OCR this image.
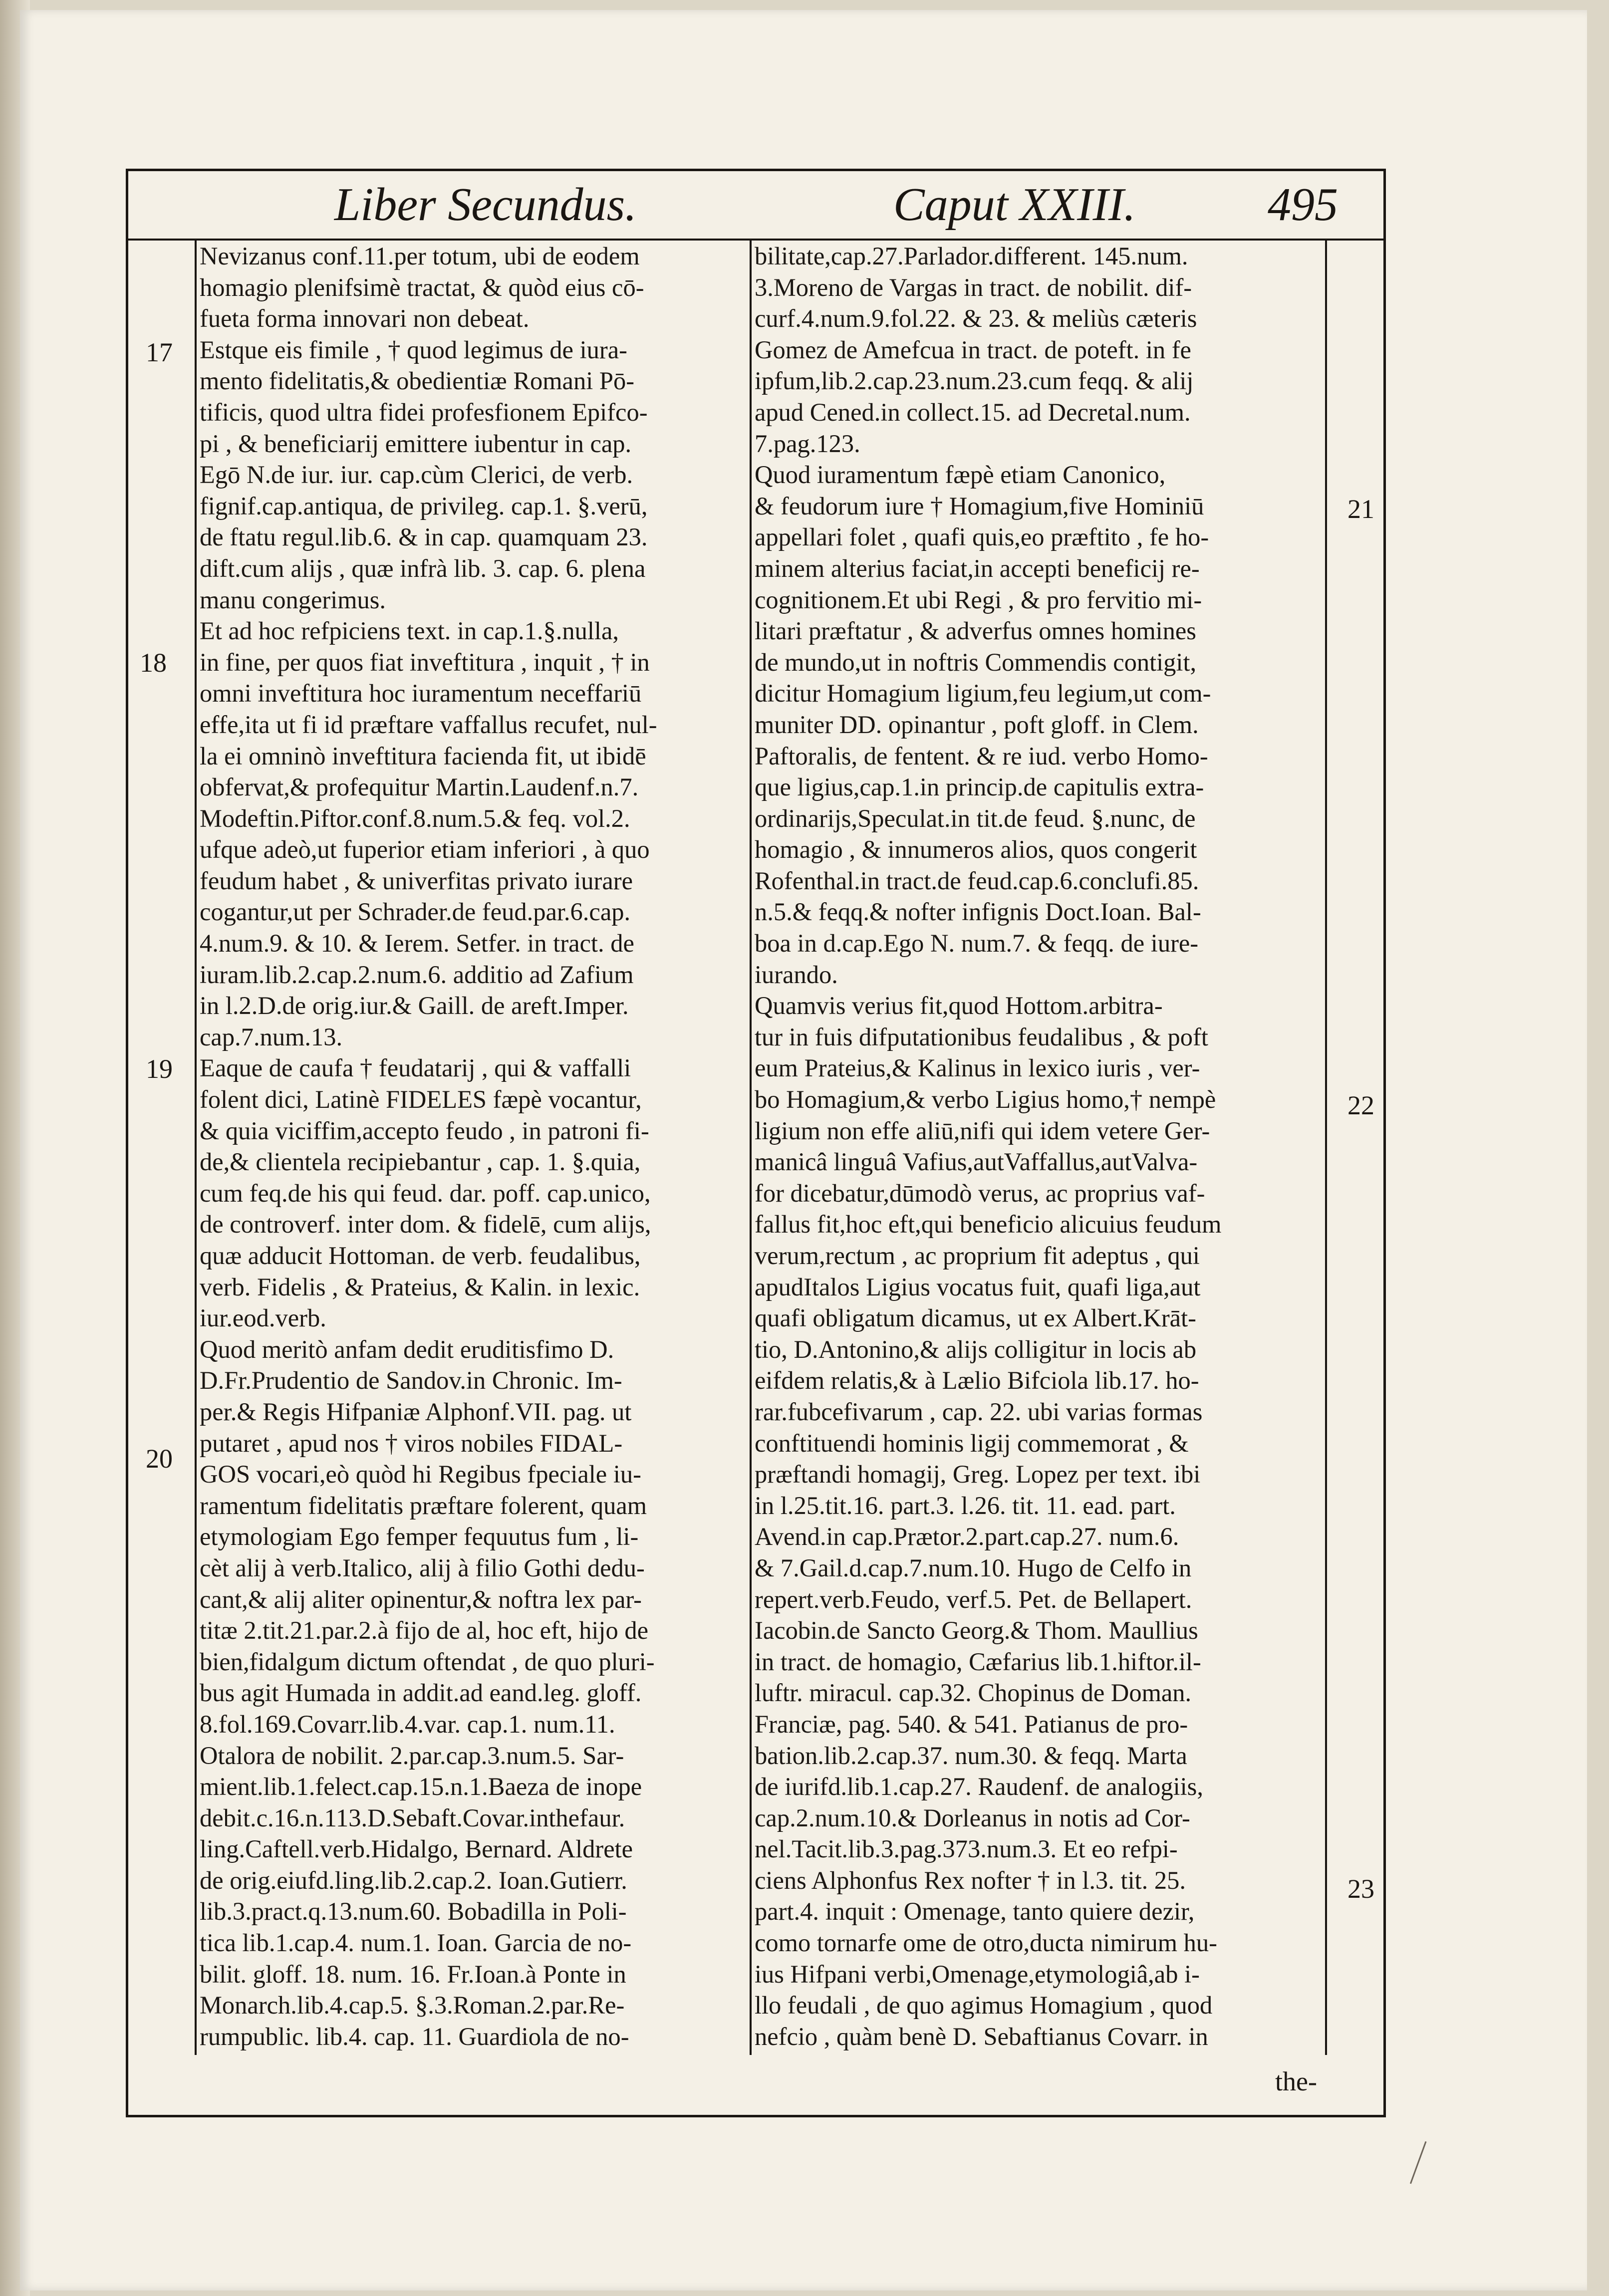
Liber Secundus.	Caput XXIII.	495
Nevizanus conf.11.per totum, ubi de eodem
homagio plenifsimè tractat, & quòd eius cō-
fueta forma innovari non debeat.
Estque eis fimile , † quod legimus de iura-
mento fidelitatis,& obedientiæ Romani Pō-
tificis, quod ultra fidei profesfionem Epifco-
pi , & beneficiarij emittere iubentur in cap.
Egō N.de iur. iur. cap.cùm Clerici, de verb.
fignif.cap.antiqua, de privileg. cap.1. §.verū,
de ftatu regul.lib.6. & in cap. quamquam 23.
dift.cum alijs , quæ infrà lib. 3. cap. 6. plena
manu congerimus.
Et ad hoc refpiciens text. in cap.1.§.nulla,
in fine, per quos fiat inveftitura , inquit , † in
omni inveftitura hoc iuramentum neceffariū
effe,ita ut fi id præftare vaffallus recufet, nul-
la ei omninò inveftitura facienda fit, ut ibidē
obfervat,& profequitur Martin.Laudenf.n.7.
Modeftin.Piftor.conf.8.num.5.& feq. vol.2.
ufque adeò,ut fuperior etiam inferiori , à quo
feudum habet , & univerfitas privato iurare
cogantur,ut per Schrader.de feud.par.6.cap.
4.num.9. & 10. & Ierem. Setfer. in tract. de
iuram.lib.2.cap.2.num.6. additio ad Zafium
in l.2.D.de orig.iur.& Gaill. de areft.Imper.
cap.7.num.13.
Eaque de caufa † feudatarij , qui & vaffalli
folent dici, Latinè FIDELES fæpè vocantur,
& quia viciffim,accepto feudo , in patroni fi-
de,& clientela recipiebantur , cap. 1. §.quia,
cum feq.de his qui feud. dar. poff. cap.unico,
de controverf. inter dom. & fidelē, cum alijs,
quæ adducit Hottoman. de verb. feudalibus,
verb. Fidelis , & Prateius, & Kalin. in lexic.
iur.eod.verb.
Quod meritò anfam dedit eruditisfimo D.
D.Fr.Prudentio de Sandov.in Chronic. Im-
per.& Regis Hifpaniæ Alphonf.VII. pag. ut
putaret , apud nos † viros nobiles FIDAL-
GOS vocari,eò quòd hi Regibus fpeciale iu-
ramentum fidelitatis præftare folerent, quam
etymologiam Ego femper fequutus fum , li-
cèt alij à verb.Italico, alij à filio Gothi dedu-
cant,& alij aliter opinentur,& noftra lex par-
titæ 2.tit.21.par.2.à fijo de al, hoc eft, hijo de
bien,fidalgum dictum oftendat , de quo pluri-
bus agit Humada in addit.ad eand.leg. gloff.
8.fol.169.Covarr.lib.4.var. cap.1. num.11.
Otalora de nobilit. 2.par.cap.3.num.5. Sar-
mient.lib.1.felect.cap.15.n.1.Baeza de inope
debit.c.16.n.113.D.Sebaft.Covar.inthefaur.
ling.Caftell.verb.Hidalgo, Bernard. Aldrete
de orig.eiufd.ling.lib.2.cap.2. Ioan.Gutierr.
lib.3.pract.q.13.num.60. Bobadilla in Poli-
tica lib.1.cap.4. num.1. Ioan. Garcia de no-
bilit. gloff. 18. num. 16. Fr.Ioan.à Ponte in
Monarch.lib.4.cap.5. §.3.Roman.2.par.Re-
rumpublic. lib.4. cap. 11. Guardiola de no-
bilitate,cap.27.Parlador.different. 145.num.
3.Moreno de Vargas in tract. de nobilit. dif-
curf.4.num.9.fol.22. & 23. & meliùs cæteris
Gomez de Amefcua in tract. de poteft. in fe
ipfum,lib.2.cap.23.num.23.cum feqq. & alij
apud Cened.in collect.15. ad Decretal.num.
7.pag.123.
Quod iuramentum fæpè etiam Canonico,
& feudorum iure † Homagium,five Hominiū
appellari folet , quafi quis,eo præftito , fe ho-
minem alterius faciat,in accepti beneficij re-
cognitionem.Et ubi Regi , & pro fervitio mi-
litari præftatur , & adverfus omnes homines
de mundo,ut in noftris Commendis contigit,
dicitur Homagium ligium,feu legium,ut com-
muniter DD. opinantur , poft gloff. in Clem.
Paftoralis, de fentent. & re iud. verbo Homo-
que ligius,cap.1.in princip.de capitulis extra-
ordinarijs,Speculat.in tit.de feud. §.nunc, de
homagio , & innumeros alios, quos congerit
Rofenthal.in tract.de feud.cap.6.conclufi.85.
n.5.& feqq.& nofter infignis Doct.Ioan. Bal-
boa in d.cap.Ego N. num.7. & feqq. de iure-
iurando.
Quamvis verius fit,quod Hottom.arbitra-
tur in fuis difputationibus feudalibus , & poft
eum Prateius,& Kalinus in lexico iuris , ver-
bo Homagium,& verbo Ligius homo,† nempè
ligium non effe aliū,nifi qui idem vetere Ger-
manicâ linguâ Vafius,autVaffallus,autValva-
for dicebatur,dūmodò verus, ac proprius vaf-
fallus fit,hoc eft,qui beneficio alicuius feudum
verum,rectum , ac proprium fit adeptus , qui
apudItalos Ligius vocatus fuit, quafi liga,aut
quafi obligatum dicamus, ut ex Albert.Krāt-
tio, D.Antonino,& alijs colligitur in locis ab
eifdem relatis,& à Lælio Bifciola lib.17. ho-
rar.fubcefivarum , cap. 22. ubi varias formas
conftituendi hominis ligij commemorat , &
præftandi homagij, Greg. Lopez per text. ibi
in l.25.tit.16. part.3. l.26. tit. 11. ead. part.
Avend.in cap.Prætor.2.part.cap.27. num.6.
& 7.Gail.d.cap.7.num.10. Hugo de Celfo in
repert.verb.Feudo, verf.5. Pet. de Bellapert.
Iacobin.de Sancto Georg.& Thom. Maullius
in tract. de homagio, Cæfarius lib.1.hiftor.il-
luftr. miracul. cap.32. Chopinus de Doman.
Franciæ, pag. 540. & 541. Patianus de pro-
bation.lib.2.cap.37. num.30. & feqq. Marta
de iurifd.lib.1.cap.27. Raudenf. de analogiis,
cap.2.num.10.& Dorleanus in notis ad Cor-
nel.Tacit.lib.3.pag.373.num.3. Et eo refpi-
ciens Alphonfus Rex nofter † in l.3. tit. 25.
part.4. inquit : Omenage, tanto quiere dezir,
como tornarfe ome de otro,ducta nimirum hu-
ius Hifpani verbi,Omenage,etymologiâ,ab i-
llo feudali , de quo agimus Homagium , quod
nefcio , quàm benè D. Sebaftianus Covarr. in
17
18
19
20
21
22
23
the-
